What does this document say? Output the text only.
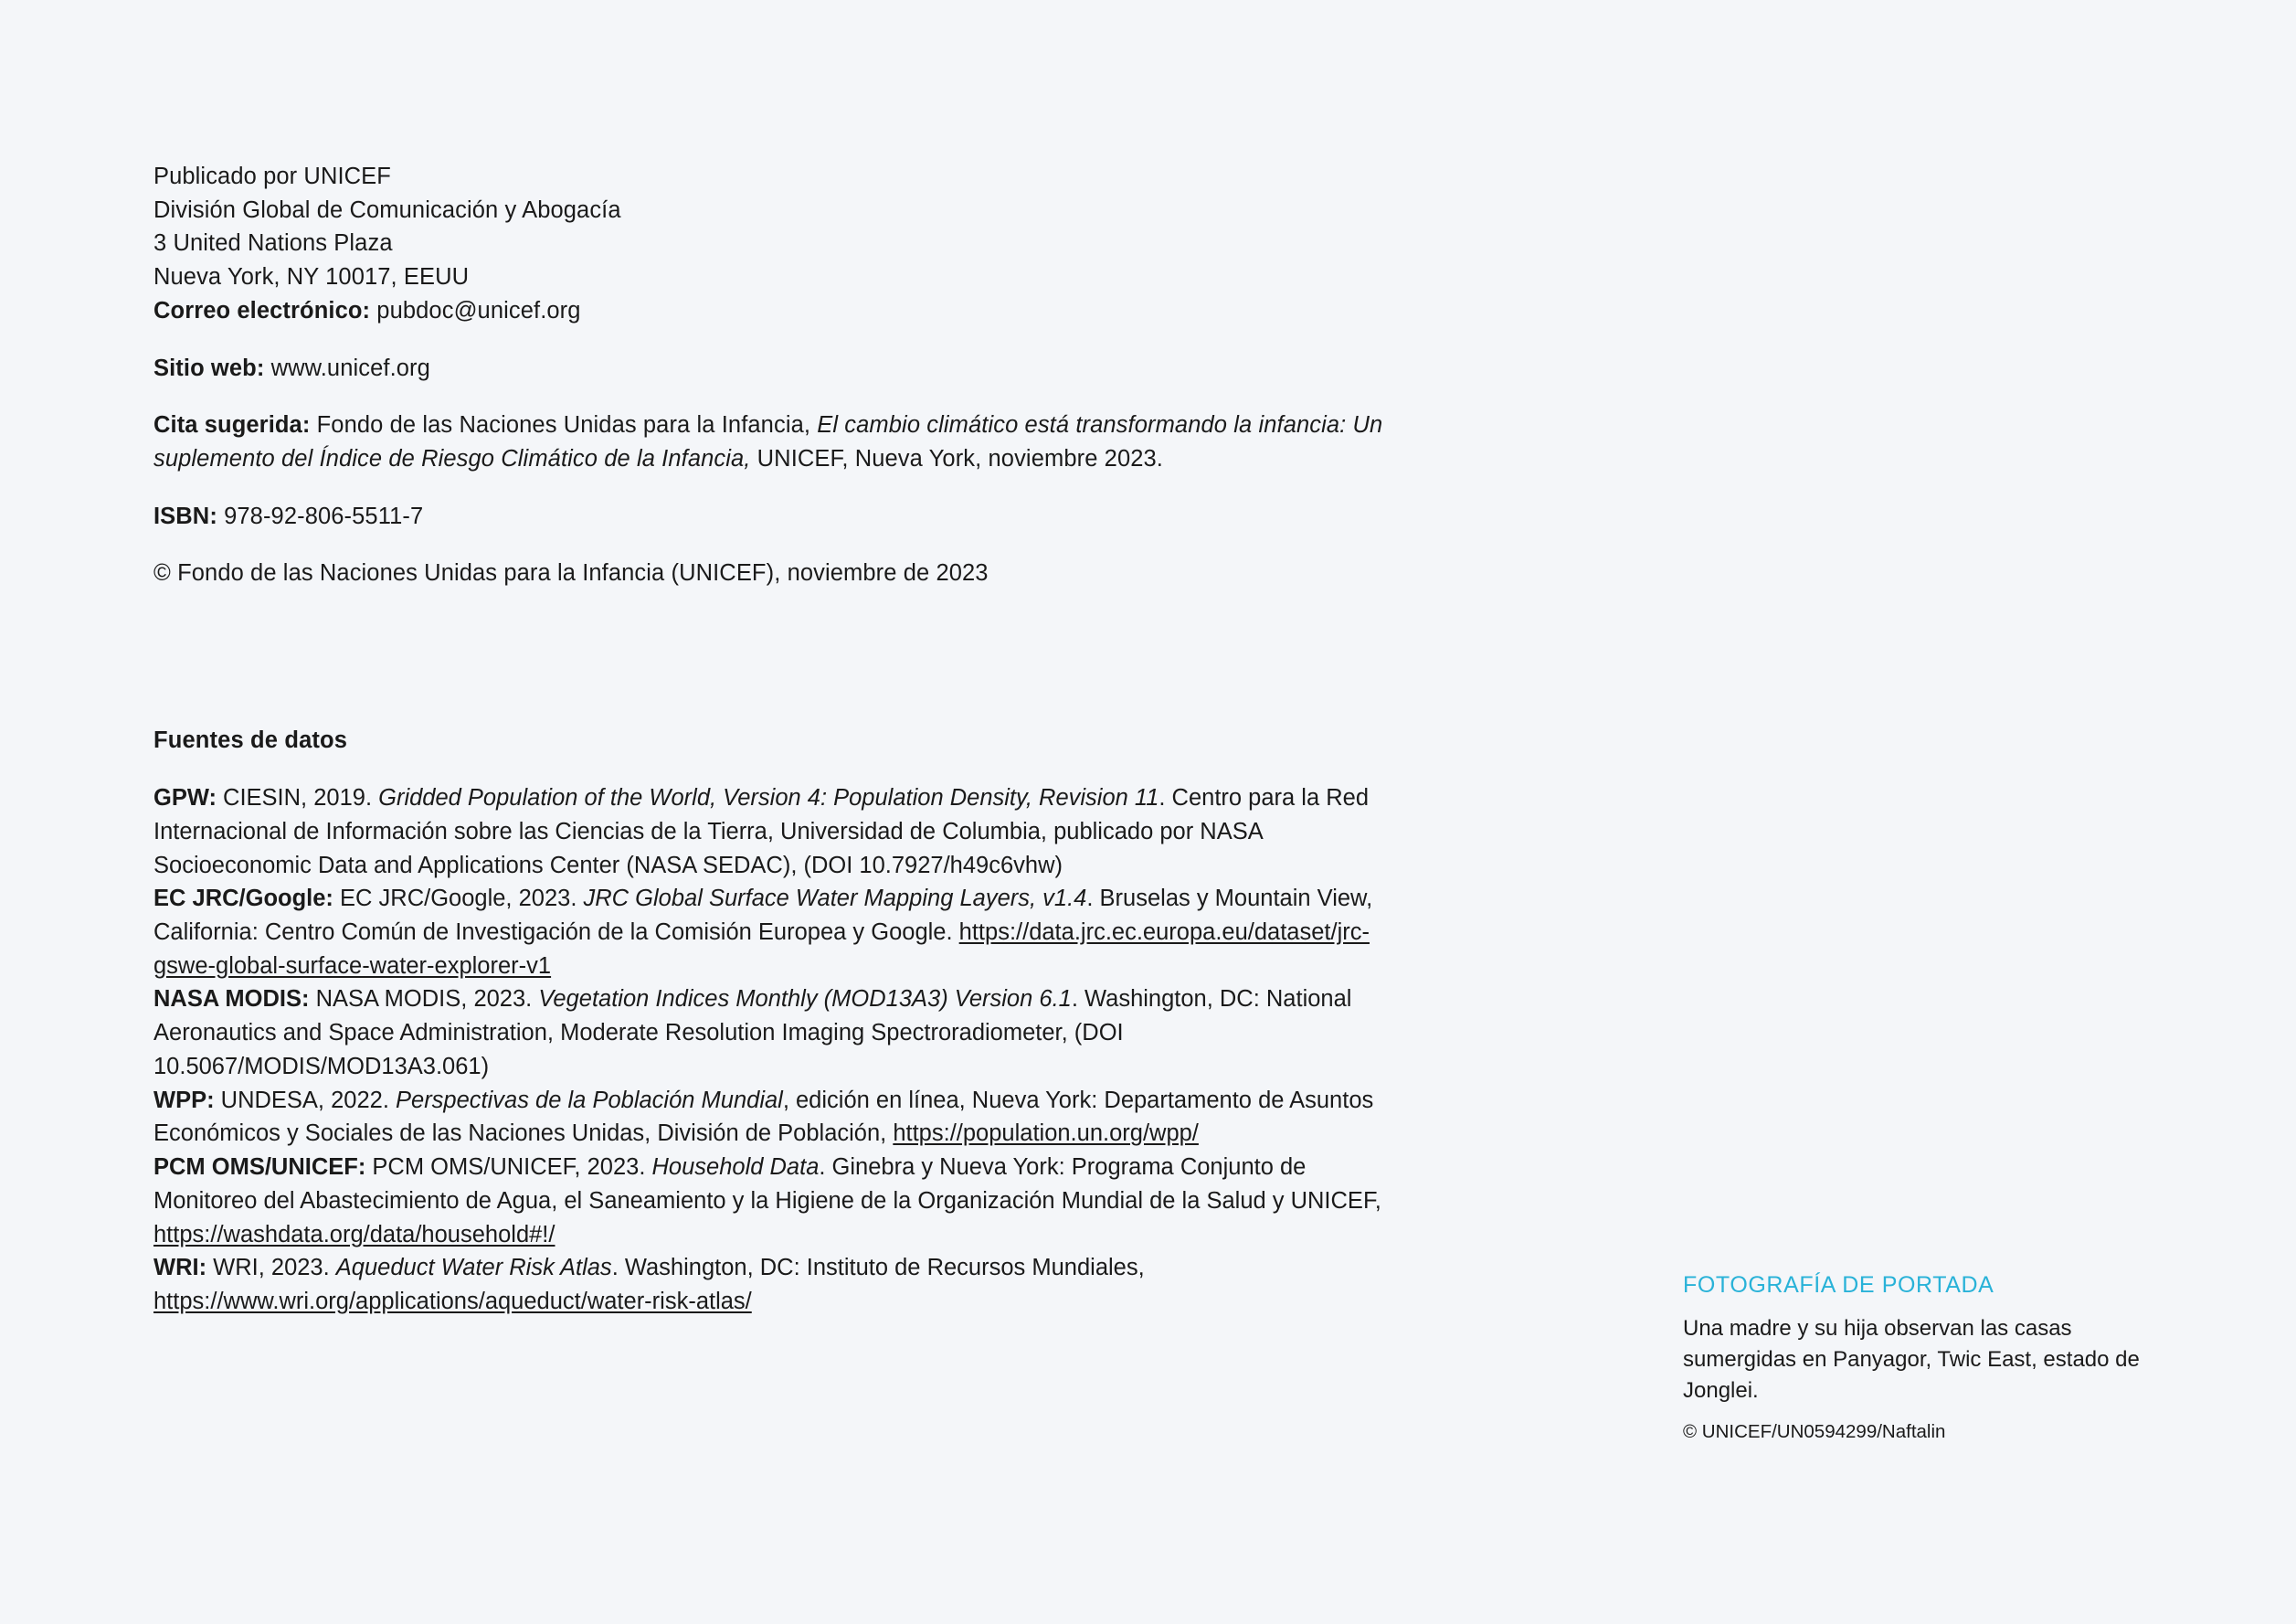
Publicado por UNICEF

División Global de Comunicación y Abogacía

3 United Nations Plaza

Nueva York, NY 10017, EEUU

Correo electrónico: pubdoc@unicef.org

Sitio web: www.unicef.org
Cita sugerida: Fondo de las Naciones Unidas para la Infancia, El cambio climático está transformando la infancia: Un suplemento del Índice de Riesgo Climático de la Infancia, UNICEF, Nueva York, noviembre 2023.
ISBN: 978-92-806-5511-7
© Fondo de las Naciones Unidas para la Infancia (UNICEF), noviembre de 2023
Fuentes de datos

GPW: CIESIN, 2019. Gridded Population of the World, Version 4: Population Density, Revision 11. Centro para la Red Internacional de Información sobre las Ciencias de la Tierra, Universidad de Columbia, publicado por NASA Socioeconomic Data and Applications Center (NASA SEDAC), (DOI 10.7927/h49c6vhw)

EC JRC/Google: EC JRC/Google, 2023. JRC Global Surface Water Mapping Layers, v1.4. Bruselas y Mountain View, California: Centro Común de Investigación de la Comisión Europea y Google. https://data.jrc.ec.europa.eu/dataset/jrc-gswe-global-surface-water-explorer-v1

NASA MODIS: NASA MODIS, 2023. Vegetation Indices Monthly (MOD13A3) Version 6.1. Washington, DC: National Aeronautics and Space Administration, Moderate Resolution Imaging Spectroradiometer, (DOI 10.5067/MODIS/MOD13A3.061)

WPP: UNDESA, 2022. Perspectivas de la Población Mundial, edición en línea, Nueva York: Departamento de Asuntos Económicos y Sociales de las Naciones Unidas, División de Población, https://population.un.org/wpp/

PCM OMS/UNICEF: PCM OMS/UNICEF, 2023. Household Data. Ginebra y Nueva York: Programa Conjunto de Monitoreo del Abastecimiento de Agua, el Saneamiento y la Higiene de la Organización Mundial de la Salud y UNICEF, https://washdata.org/data/household#!/

WRI: WRI, 2023. Aqueduct Water Risk Atlas. Washington, DC: Instituto de Recursos Mundiales, https://www.wri.org/applications/aqueduct/water-risk-atlas/

FOTOGRAFÍA DE PORTADA

Una madre y su hija observan las casas sumergidas en Panyagor, Twic East, estado de Jonglei.

© UNICEF/UN0594299/Naftalin
